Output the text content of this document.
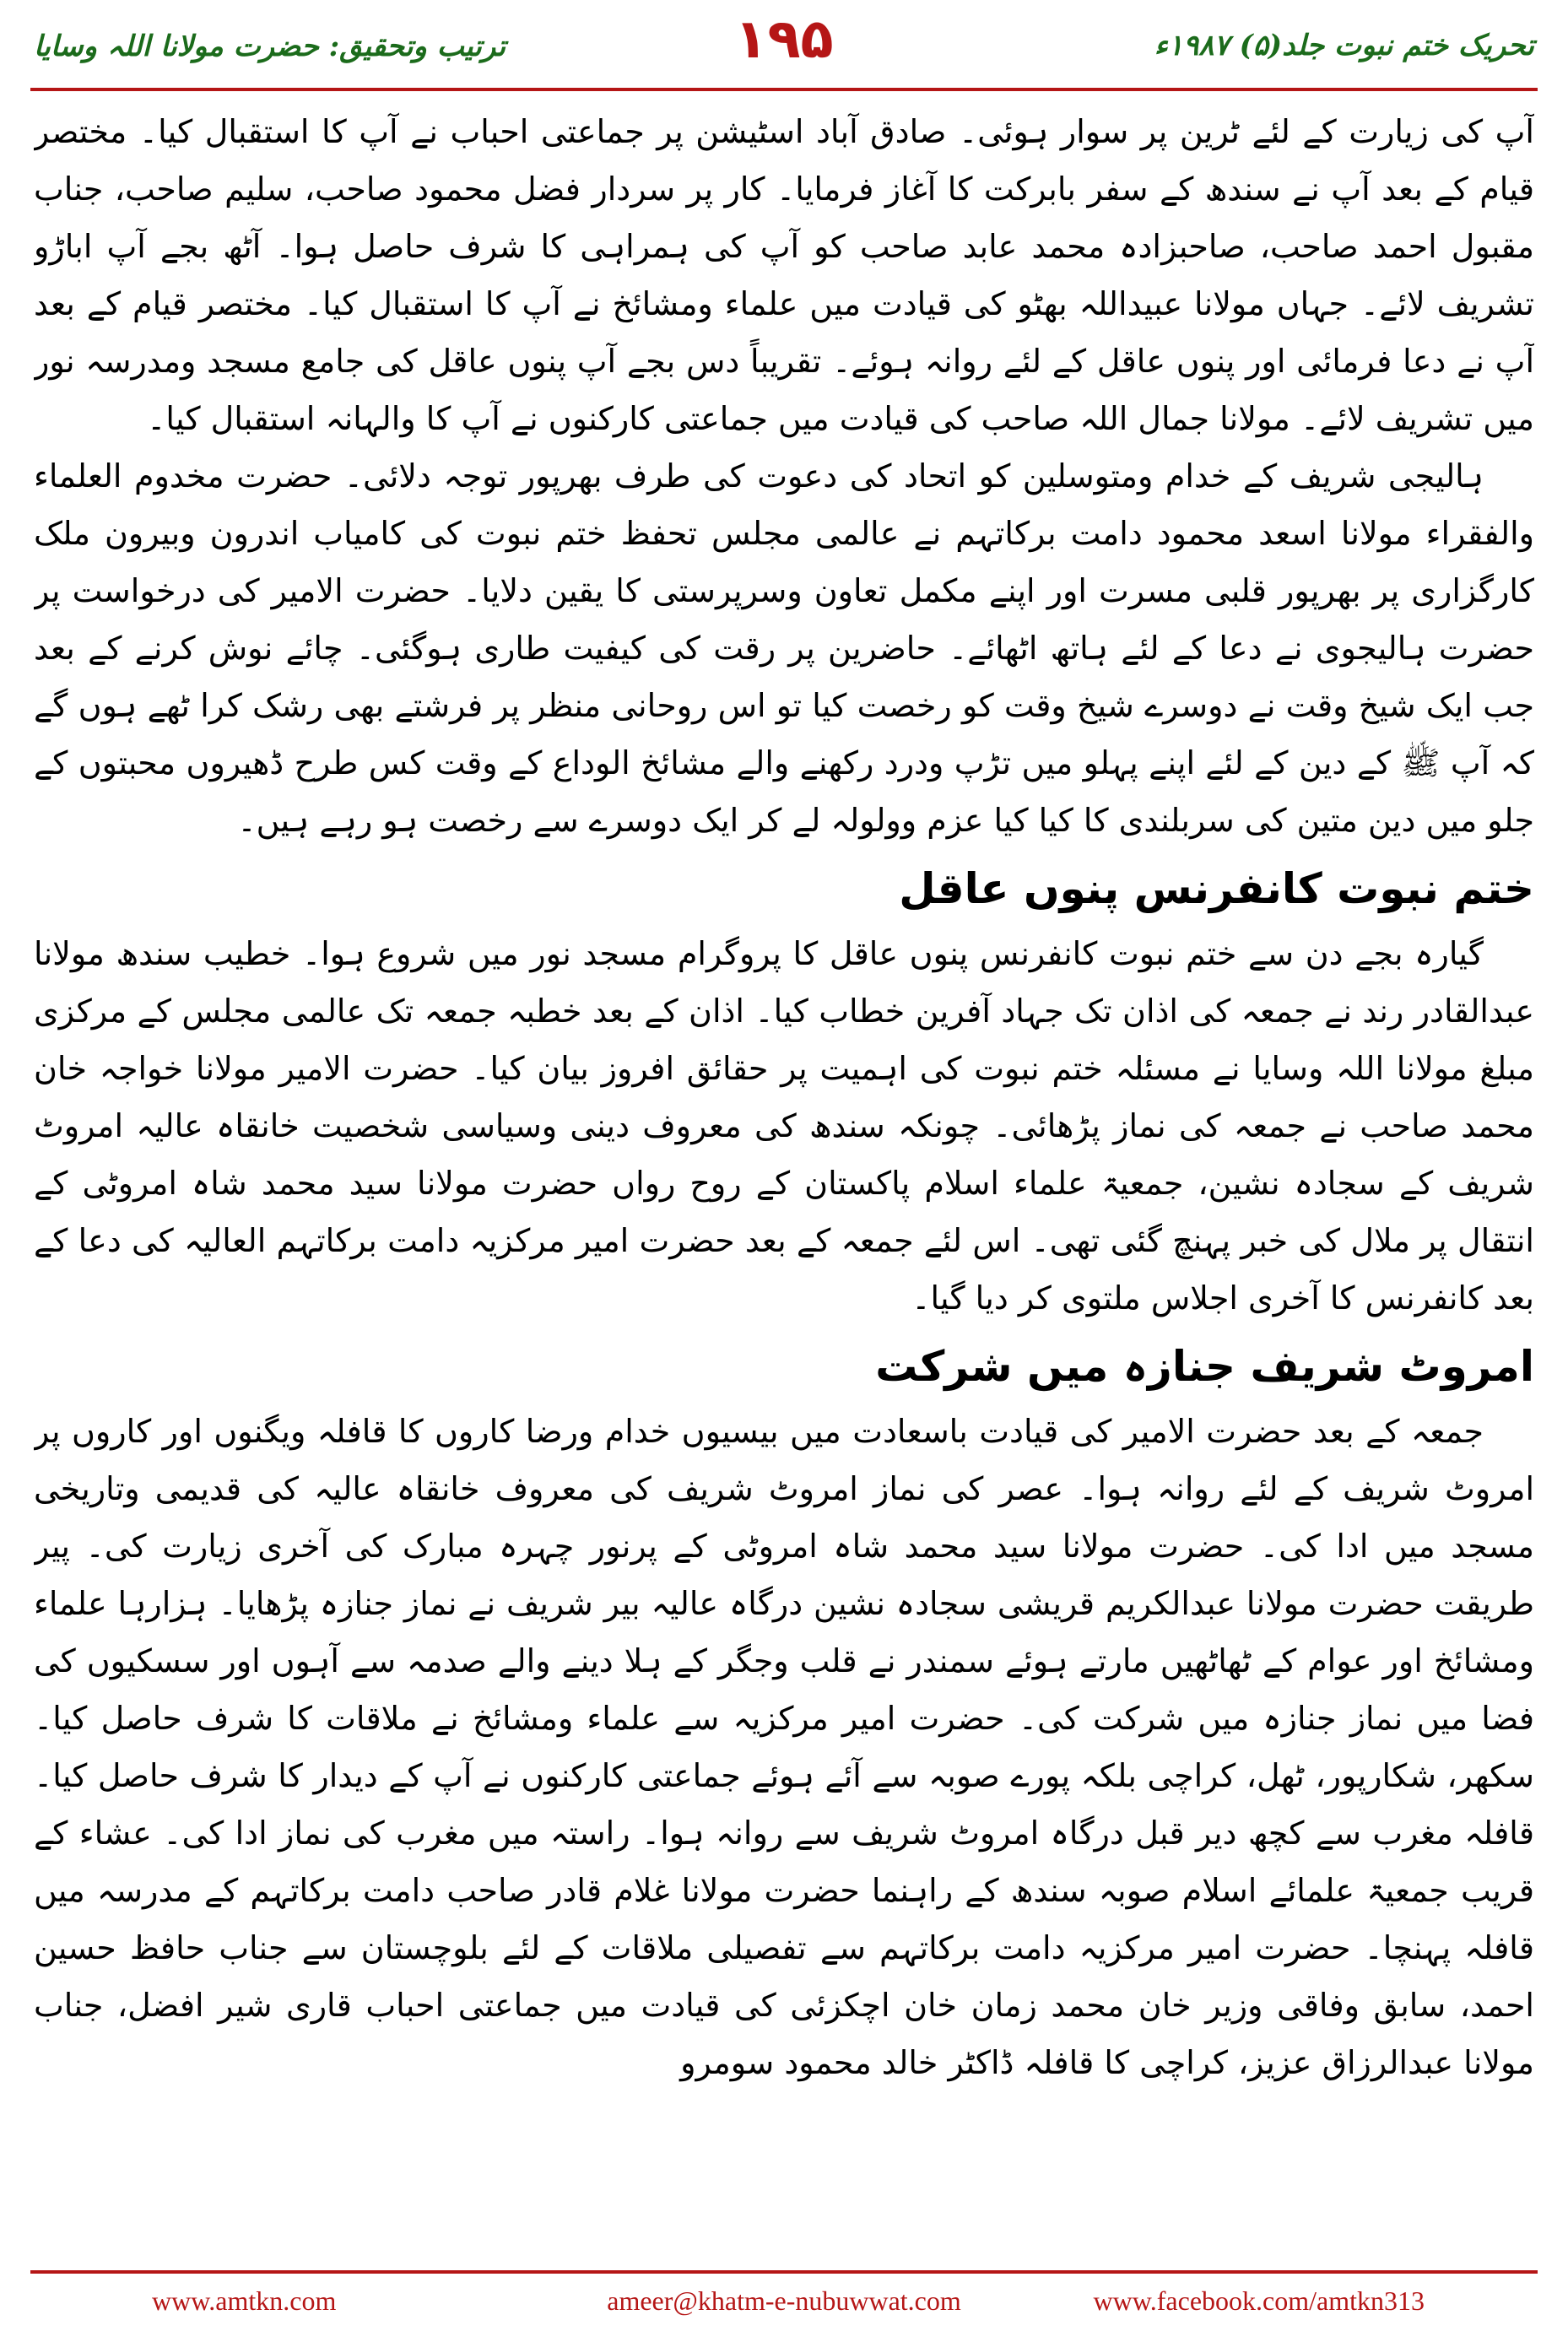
ترتیب وتحقیق: حضرت مولانا اللہ وسایا	۱۹۵	تحریک ختم نبوت جلد(۵) ۱۹۸۷ء

آپ کی زیارت کے لئے ٹرین پر سوار ہوئی۔ صادق آباد اسٹیشن پر جماعتی احباب نے آپ کا استقبال کیا۔ مختصر قیام کے بعد آپ نے سندھ کے سفر بابرکت کا آغاز فرمایا۔ کار پر سردار فضل محمود صاحب، سلیم صاحب، جناب مقبول احمد صاحب، صاحبزادہ محمد عابد صاحب کو آپ کی ہمراہی کا شرف حاصل ہوا۔ آٹھ بجے آپ اباڑو تشریف لائے۔ جہاں مولانا عبیداللہ بھٹو کی قیادت میں علماء ومشائخ نے آپ کا استقبال کیا۔ مختصر قیام کے بعد آپ نے دعا فرمائی اور پنوں عاقل کے لئے روانہ ہوئے۔ تقریباً دس بجے آپ پنوں عاقل کی جامع مسجد ومدرسہ نور میں تشریف لائے۔ مولانا جمال اللہ صاحب کی قیادت میں جماعتی کارکنوں نے آپ کا والہانہ استقبال کیا۔

ہالیجی شریف کے خدام ومتوسلین کو اتحاد کی دعوت کی طرف بھرپور توجہ دلائی۔ حضرت مخدوم العلماء والفقراء مولانا اسعد محمود دامت برکاتہم نے عالمی مجلس تحفظ ختم نبوت کی کامیاب اندرون وبیرون ملک کارگزاری پر بھرپور قلبی مسرت اور اپنے مکمل تعاون وسرپرستی کا یقین دلایا۔ حضرت الامیر کی درخواست پر حضرت ہالیجوی نے دعا کے لئے ہاتھ اٹھائے۔ حاضرین پر رقت کی کیفیت طاری ہوگئی۔ چائے نوش کرنے کے بعد جب ایک شیخ وقت نے دوسرے شیخ وقت کو رخصت کیا تو اس روحانی منظر پر فرشتے بھی رشک کرا ٹھے ہوں گے کہ آپ ﷺ کے دین کے لئے اپنے پہلو میں تڑپ ودرد رکھنے والے مشائخ الوداع کے وقت کس طرح ڈھیروں محبتوں کے جلو میں دین متین کی سربلندی کا کیا کیا عزم وولولہ لے کر ایک دوسرے سے رخصت ہو رہے ہیں۔

ختم نبوت کانفرنس پنوں عاقل

گیارہ بجے دن سے ختم نبوت کانفرنس پنوں عاقل کا پروگرام مسجد نور میں شروع ہوا۔ خطیب سندھ مولانا عبدالقادر رند نے جمعہ کی اذان تک جہاد آفرین خطاب کیا۔ اذان کے بعد خطبہ جمعہ تک عالمی مجلس کے مرکزی مبلغ مولانا اللہ وسایا نے مسئلہ ختم نبوت کی اہمیت پر حقائق افروز بیان کیا۔ حضرت الامیر مولانا خواجہ خان محمد صاحب نے جمعہ کی نماز پڑھائی۔ چونکہ سندھ کی معروف دینی وسیاسی شخصیت خانقاہ عالیہ امروٹ شریف کے سجادہ نشین، جمعیۃ علماء اسلام پاکستان کے روح رواں حضرت مولانا سید محمد شاہ امروٹی کے انتقال پر ملال کی خبر پہنچ گئی تھی۔ اس لئے جمعہ کے بعد حضرت امیر مرکزیہ دامت برکاتہم العالیہ کی دعا کے بعد کانفرنس کا آخری اجلاس ملتوی کر دیا گیا۔

امروٹ شریف جنازہ میں شرکت

جمعہ کے بعد حضرت الامیر کی قیادت باسعادت میں بیسیوں خدام ورضا کاروں کا قافلہ ویگنوں اور کاروں پر امروٹ شریف کے لئے روانہ ہوا۔ عصر کی نماز امروٹ شریف کی معروف خانقاہ عالیہ کی قدیمی وتاریخی مسجد میں ادا کی۔ حضرت مولانا سید محمد شاہ امروٹی کے پرنور چہرہ مبارک کی آخری زیارت کی۔ پیر طریقت حضرت مولانا عبدالکریم قریشی سجادہ نشین درگاہ عالیہ بیر شریف نے نماز جنازہ پڑھایا۔ ہزارہا علماء ومشائخ اور عوام کے ٹھاٹھیں مارتے ہوئے سمندر نے قلب وجگر کے ہلا دینے والے صدمہ سے آہوں اور سسکیوں کی فضا میں نماز جنازہ میں شرکت کی۔ حضرت امیر مرکزیہ سے علماء ومشائخ نے ملاقات کا شرف حاصل کیا۔ سکھر، شکارپور، ٹھل، کراچی بلکہ پورے صوبہ سے آئے ہوئے جماعتی کارکنوں نے آپ کے دیدار کا شرف حاصل کیا۔ قافلہ مغرب سے کچھ دیر قبل درگاہ امروٹ شریف سے روانہ ہوا۔ راستہ میں مغرب کی نماز ادا کی۔ عشاء کے قریب جمعیۃ علمائے اسلام صوبہ سندھ کے راہنما حضرت مولانا غلام قادر صاحب دامت برکاتہم کے مدرسہ میں قافلہ پہنچا۔ حضرت امیر مرکزیہ دامت برکاتہم سے تفصیلی ملاقات کے لئے بلوچستان سے جناب حافظ حسین احمد، سابق وفاقی وزیر خان محمد زمان خان اچکزئی کی قیادت میں جماعتی احباب قاری شیر افضل، جناب مولانا عبدالرزاق عزیز، کراچی کا قافلہ ڈاکٹر خالد محمود سومرو

www.amtkn.com	ameer@khatm-e-nubuwwat.com	www.facebook.com/amtkn313
